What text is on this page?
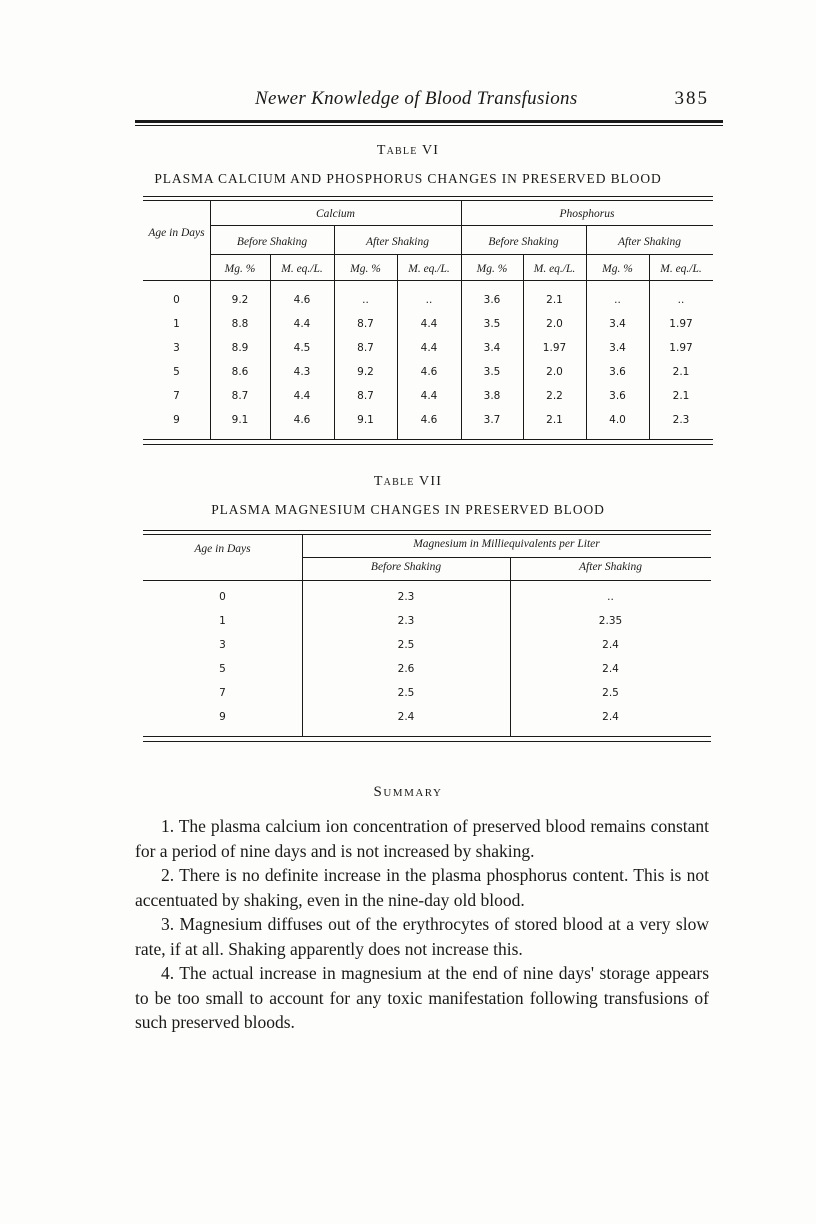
Newer Knowledge of Blood Transfusions	385
Table VI
PLASMA CALCIUM AND PHOSPHORUS CHANGES IN PRESERVED BLOOD
Age in Days
Calcium	Phosphorus
Before Shaking	After Shaking	Before Shaking	After Shaking
Mg. %	M. eq./L.	Mg. %	M. eq./L.	Mg. %	M. eq./L.	Mg. %	M. eq./L.
0	9.2	4.6	..	..	3.6	2.1	..	..
1	8.8	4.4	8.7	4.4	3.5	2.0	3.4	1.97
3	8.9	4.5	8.7	4.4	3.4	1.97	3.4	1.97
5	8.6	4.3	9.2	4.6	3.5	2.0	3.6	2.1
7	8.7	4.4	8.7	4.4	3.8	2.2	3.6	2.1
9	9.1	4.6	9.1	4.6	3.7	2.1	4.0	2.3
Table VII
PLASMA MAGNESIUM CHANGES IN PRESERVED BLOOD
Age in Days	Magnesium in Milliequivalents per Liter
Before Shaking	After Shaking
0	2.3	..
1	2.3	2.35
3	2.5	2.4
5	2.6	2.4
7	2.5	2.5
9	2.4	2.4
Summary

1. The plasma calcium ion concentration of preserved blood remains constant for a period of nine days and is not increased by shaking.

2. There is no definite increase in the plasma phosphorus content. This is not accentuated by shaking, even in the nine-day old blood.

3. Magnesium diffuses out of the erythrocytes of stored blood at a very slow rate, if at all. Shaking apparently does not increase this.

4. The actual increase in magnesium at the end of nine days' storage appears to be too small to account for any toxic manifestation following transfusions of such preserved bloods.
